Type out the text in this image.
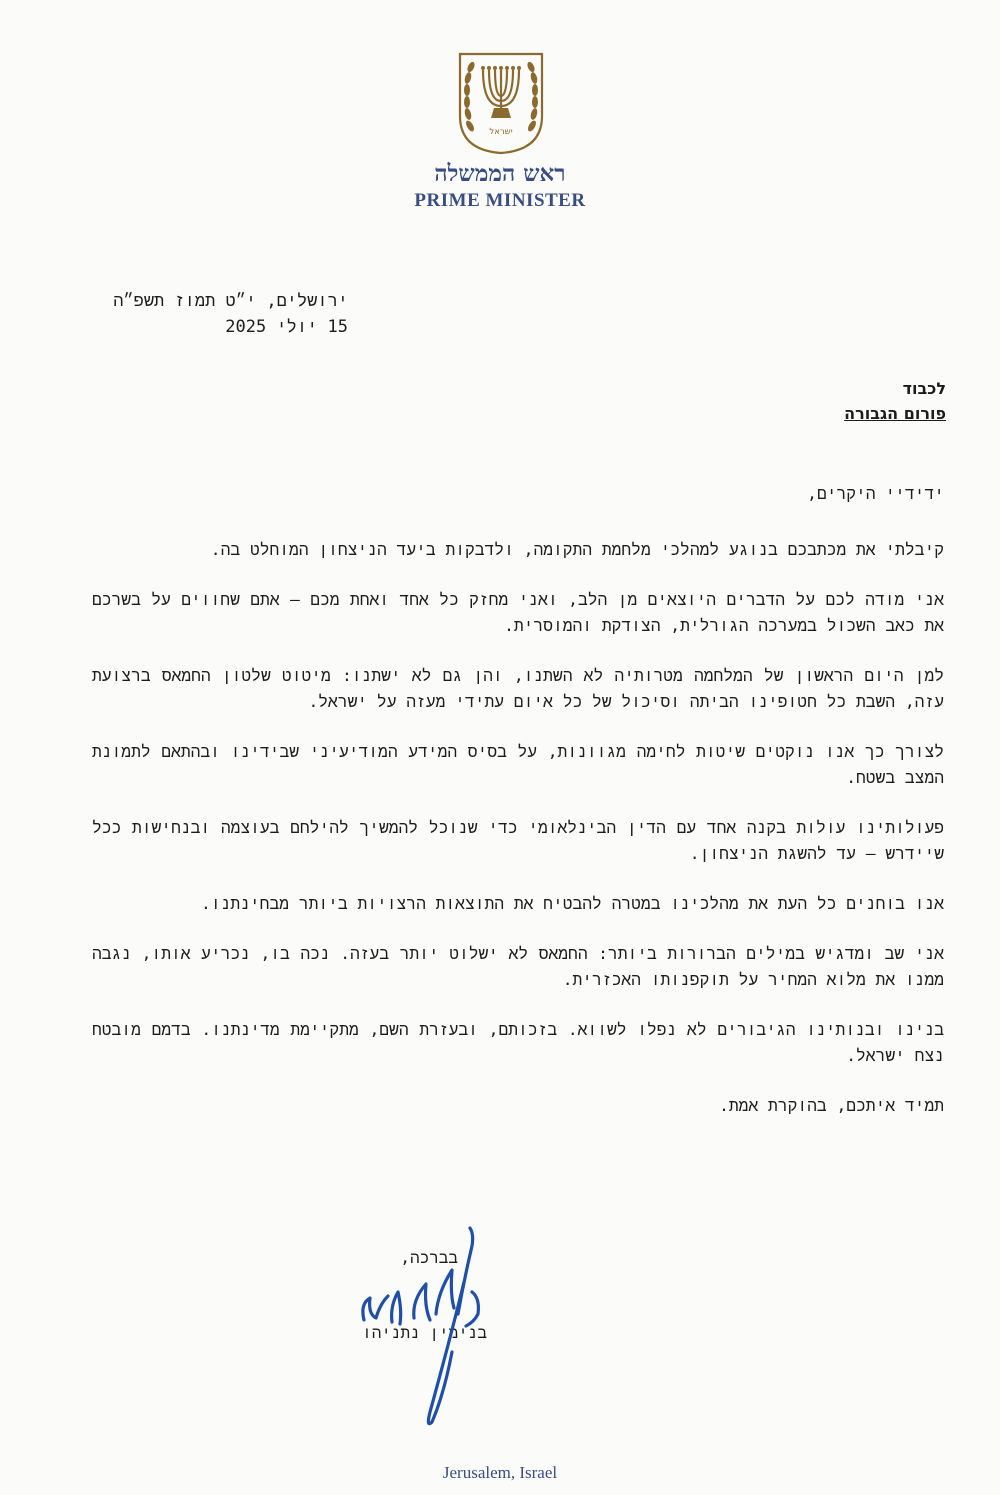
ישראל
ראש הממשלה
PRIME MINISTER
ירושלים, י״ט תמוז תשפ״ה
15 יולי 2025
לכבוד
פורום הגבורה

ידידיי היקרים,

קיבלתי את מכתבכם בנוגע למהלכי מלחמת התקומה, ולדבקות ביעד הניצחון המוחלט בה.

אני מודה לכם על הדברים היוצאים מן הלב, ואני מחזק כל אחד ואחת מכם – אתם שחווים על בשרכם את כאב השכול במערכה הגורלית, הצודקת והמוסרית.

למן היום הראשון של המלחמה מטרותיה לא השתנו, והן גם לא ישתנו: מיטוט שלטון החמאס ברצועת עזה, השבת כל חטופינו הביתה וסיכול של כל איום עתידי מעזה על ישראל.

לצורך כך אנו נוקטים שיטות לחימה מגוונות, על בסיס המידע המודיעיני שבידינו ובהתאם לתמונת המצב בשטח.

פעולותינו עולות בקנה אחד עם הדין הבינלאומי כדי שנוכל להמשיך להילחם בעוצמה ובנחישות ככל שיידרש – עד להשגת הניצחון.

אנו בוחנים כל העת את מהלכינו במטרה להבטיח את התוצאות הרצויות ביותר מבחינתנו.

אני שב ומדגיש במילים הברורות ביותר: החמאס לא ישלוט יותר בעזה. נכה בו, נכריע אותו, נגבה ממנו את מלוא המחיר על תוקפנותו האכזרית.

בנינו ובנותינו הגיבורים לא נפלו לשווא. בזכותם, ובעזרת השם, מתקיימת מדינתנו. בדמם מובטח נצח ישראל.

תמיד איתכם, בהוקרת אמת.

בברכה,
בנימין נתניהו
Jerusalem, Israel
